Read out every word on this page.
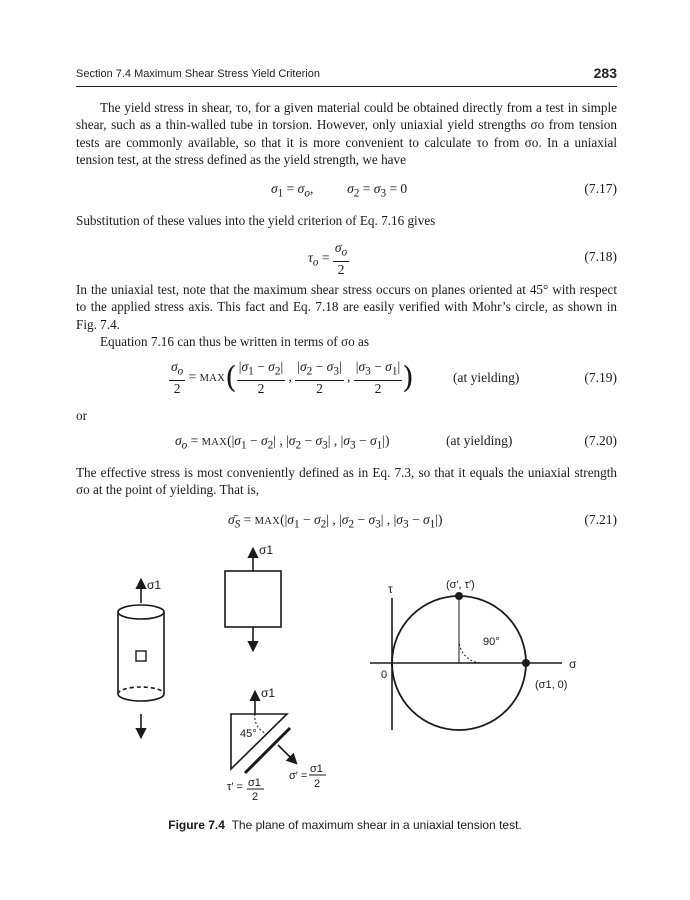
Section 7.4 Maximum Shear Stress Yield Criterion	283
The yield stress in shear, τo, for a given material could be obtained directly from a test in simple shear, such as a thin-walled tube in torsion. However, only uniaxial yield strengths σo from tension tests are commonly available, so that it is more convenient to calculate τo from σo. In a uniaxial tension test, at the stress defined as the yield strength, we have
$\sigma_1 = \sigma_o$,          $\sigma_2 = \sigma_3 = 0$	(7.17)
Substitution of these values into the yield criterion of Eq. 7.16 gives
$\tau_o = \frac{\sigma_o}{2}$	(7.18)
In the uniaxial test, note that the maximum shear stress occurs on planes oriented at 45° with respect to the applied stress axis. This fact and Eq. 7.18 are easily verified with Mohr’s circle, as shown in Fig. 7.4.
Equation 7.16 can thus be written in terms of σo as
$\frac{\sigma_o}{2} = MAX( \frac{|\sigma_1 - \sigma_2|}{2}$ , $\frac{|\sigma_2 - \sigma_3|}{2}$ , $\frac{|\sigma_3 - \sigma_1|}{2}$ )	(at yielding)	(7.19)
or
$\sigma_o = MAX(|\sigma_1 - \sigma_2|$ , $|\sigma_2 - \sigma_3|$ , $|\sigma_3 - \sigma_1|$)	(at yielding)	(7.20)
The effective stress is most conveniently defined as in Eq. 7.3, so that it equals the uniaxial strength σo at the point of yielding. That is,
$\sigmā_S = MAX(|\sigma_1 - \sigma_2|$ , $|\sigma_2 - \sigma_3|$ , $|\sigma_3 - \sigma_1|$)	(7.21)
σ1
σ1
σ1
45°
σ′ =
σ1
2
τ′ = σ1
2
τ
σ
0
(σ′, τ′)
90°
(σ1, 0)
Figure 7.4 The plane of maximum shear in a uniaxial tension test.
